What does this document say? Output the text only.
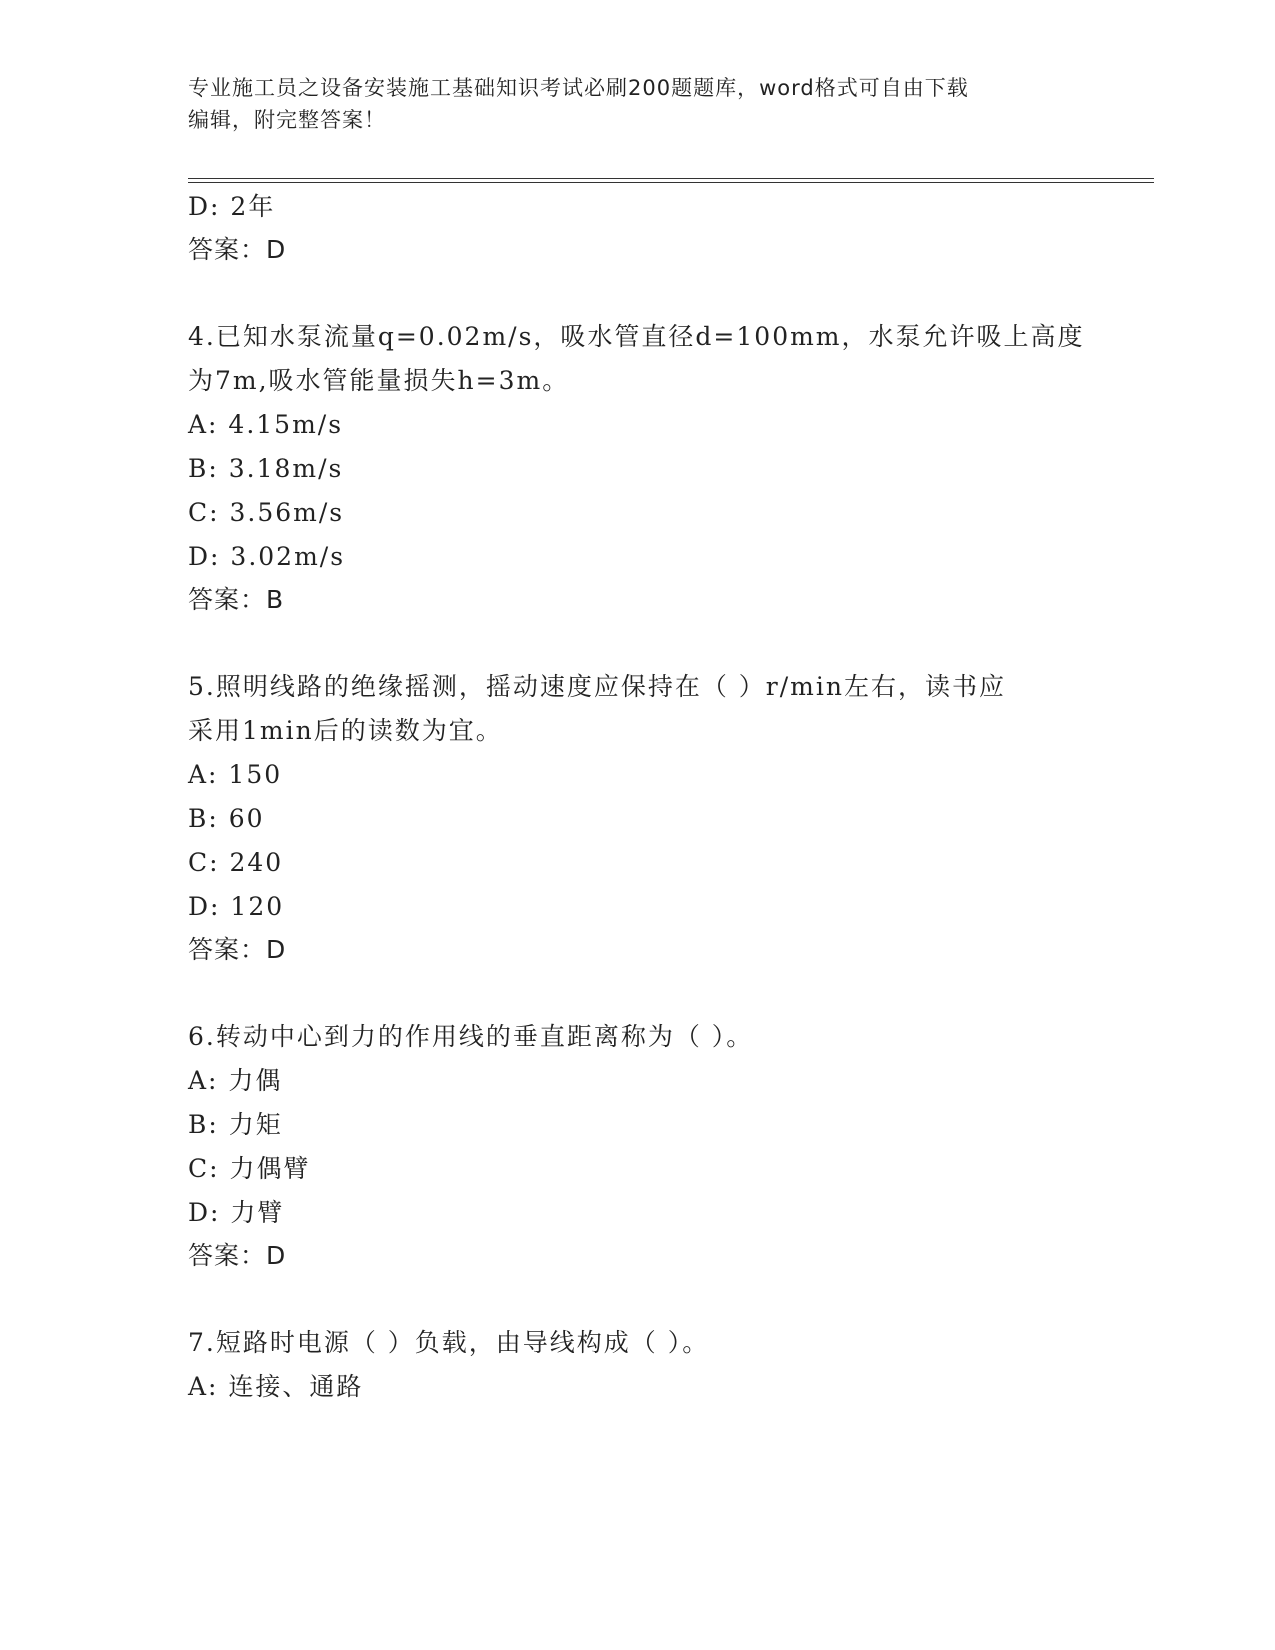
专业施工员之设备安装施工基础知识考试必刷200题题库，word格式可自由下载
编辑，附完整答案！
D: 2年
答案：D
4.已知水泵流量q=0.02m/s，吸水管直径d=100mm，水泵允许吸上高度
为7m,吸水管能量损失h=3m。
A: 4.15m/s
B: 3.18m/s
C: 3.56m/s
D: 3.02m/s
答案：B
5.照明线路的绝缘摇测，摇动速度应保持在（ ）r/min左右，读书应
采用1min后的读数为宜。
A: 150
B: 60
C: 240
D: 120
答案：D
6.转动中心到力的作用线的垂直距离称为（ ）。
A: 力偶
B: 力矩
C: 力偶臂
D: 力臂
答案：D
7.短路时电源（ ）负载，由导线构成（ ）。
A: 连接、通路
